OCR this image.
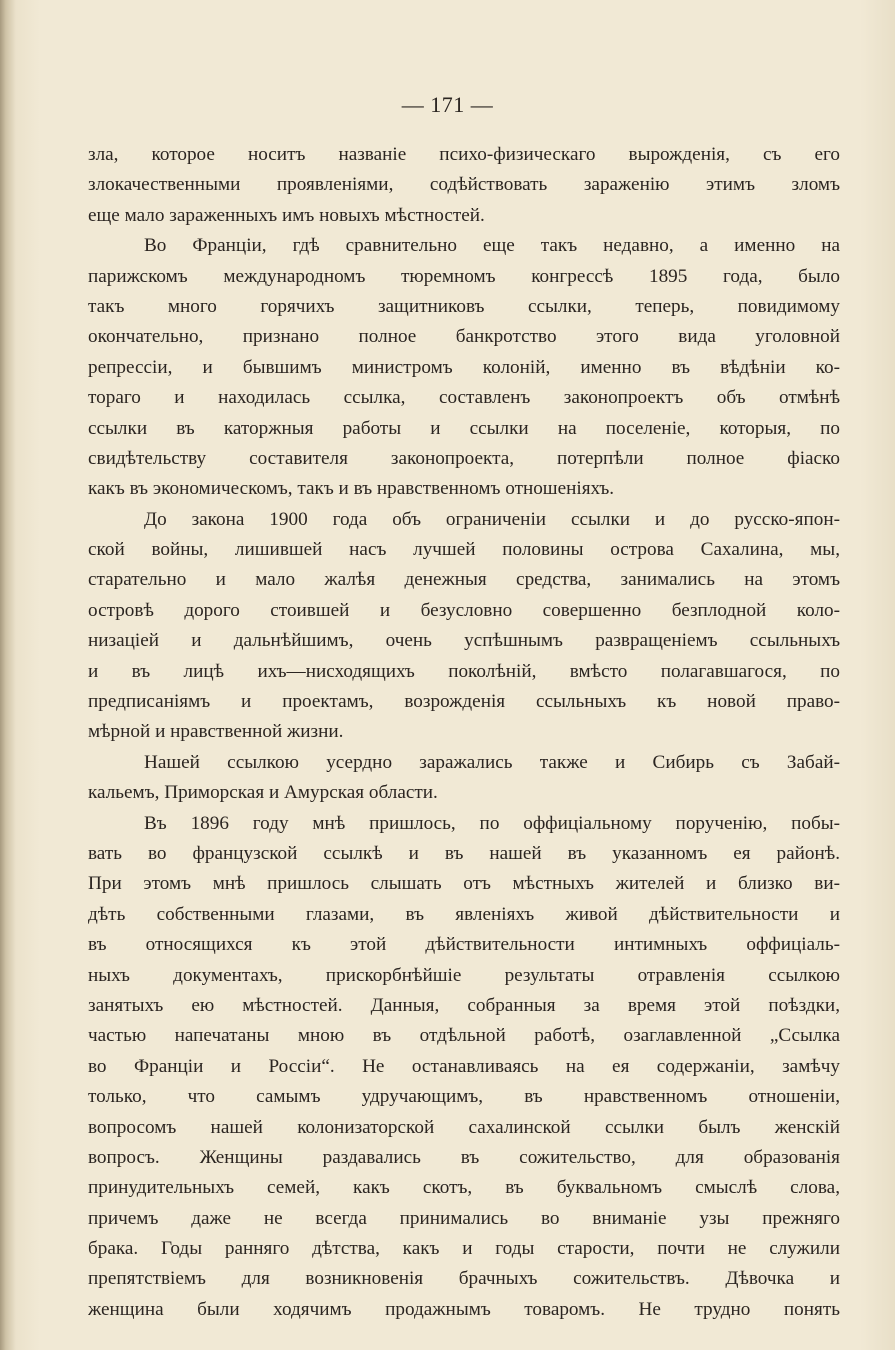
— 171 —
зла, которое носитъ названіе психо-физическаго вырожденія, съ его
злокачественными проявленіями, содѣйствовать зараженію этимъ зломъ
еще мало зараженныхъ имъ новыхъ мѣстностей.
Во Франціи, гдѣ сравнительно еще такъ недавно, а именно на
парижскомъ международномъ тюремномъ конгрессѣ 1895 года, было
такъ много горячихъ защитниковъ ссылки, теперь, повидимому
окончательно, признано полное банкротство этого вида уголовной
репрессіи, и бывшимъ министромъ колоній, именно въ вѣдѣніи ко-
тораго и находилась ссылка, составленъ законопроектъ объ отмѣнѣ
ссылки въ каторжныя работы и ссылки на поселеніе, которыя, по
свидѣтельству составителя законопроекта, потерпѣли полное фіаско
какъ въ экономическомъ, такъ и въ нравственномъ отношеніяхъ.
До закона 1900 года объ ограниченіи ссылки и до русско-япон-
ской войны, лишившей насъ лучшей половины острова Сахалина, мы,
старательно и мало жалѣя денежныя средства, занимались на этомъ
островѣ дорого стоившей и безусловно совершенно безплодной коло-
низаціей и дальнѣйшимъ, очень успѣшнымъ развращеніемъ ссыльныхъ
и въ лицѣ ихъ—нисходящихъ поколѣній, вмѣсто полагавшагося, по
предписаніямъ и проектамъ, возрожденія ссыльныхъ къ новой право-
мѣрной и нравственной жизни.
Нашей ссылкою усердно заражались также и Сибирь съ Забай-
кальемъ, Приморская и Амурская области.
Въ 1896 году мнѣ пришлось, по оффиціальному порученію, побы-
вать во французской ссылкѣ и въ нашей въ указанномъ ея районѣ.
При этомъ мнѣ пришлось слышать отъ мѣстныхъ жителей и близко ви-
дѣть собственными глазами, въ явленіяхъ живой дѣйствительности и
въ относящихся къ этой дѣйствительности интимныхъ оффиціаль-
ныхъ документахъ, прискорбнѣйшіе результаты отравленія ссылкою
занятыхъ ею мѣстностей. Данныя, собранныя за время этой поѣздки,
частью напечатаны мною въ отдѣльной работѣ, озаглавленной „Ссылка
во Франціи и Россіи“. Не останавливаясь на ея содержаніи, замѣчу
только, что самымъ удручающимъ, въ нравственномъ отношеніи,
вопросомъ нашей колонизаторской сахалинской ссылки былъ женскій
вопросъ. Женщины раздавались въ сожительство, для образованія
принудительныхъ семей, какъ скотъ, въ буквальномъ смыслѣ слова,
причемъ даже не всегда принимались во вниманіе узы прежняго
брака. Годы ранняго дѣтства, какъ и годы старости, почти не служили
препятствіемъ для возникновенія брачныхъ сожительствъ. Дѣвочка и
женщина были ходячимъ продажнымъ товаромъ. Не трудно понять
